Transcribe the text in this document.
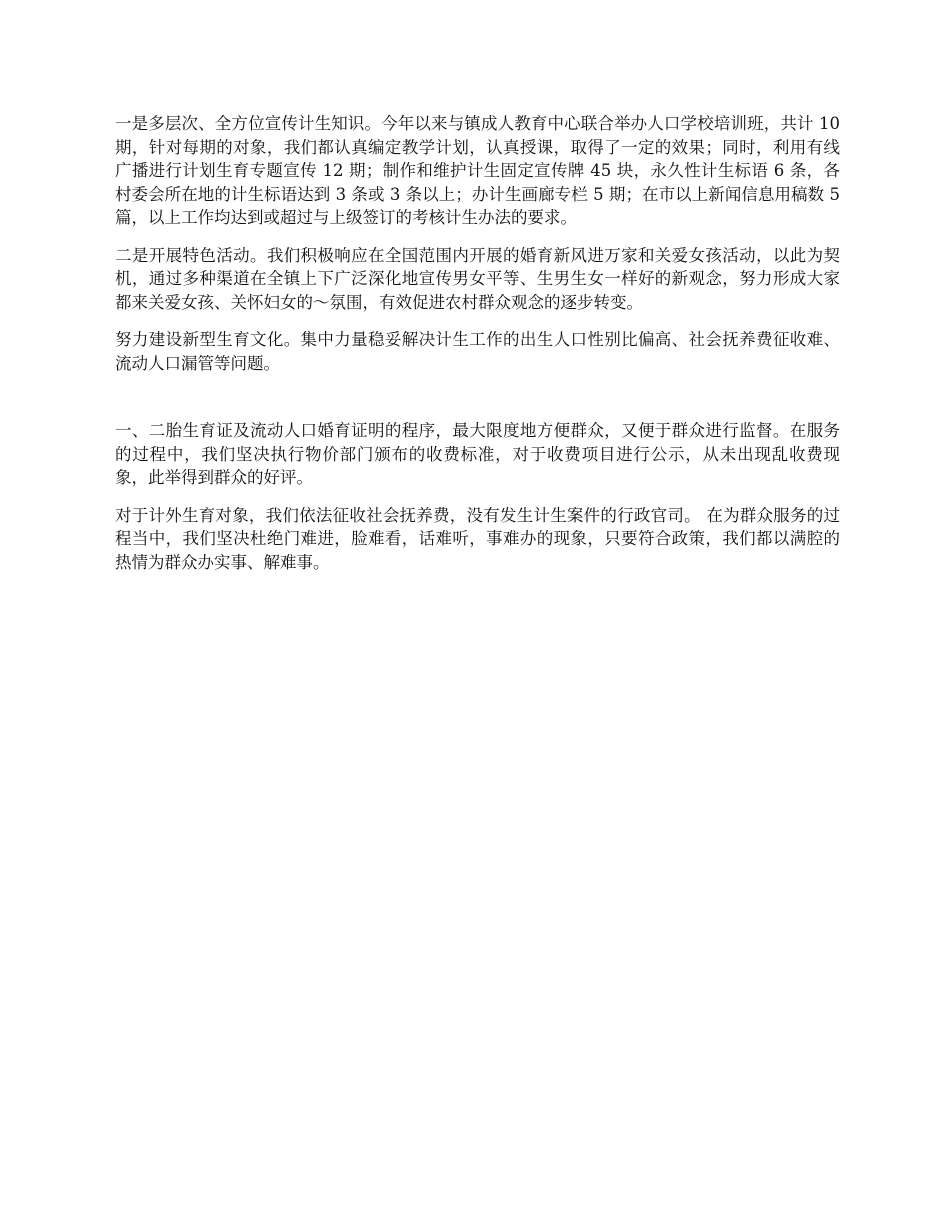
一是多层次、全方位宣传计生知识。今年以来与镇成人教育中心联合举办人口学校培训班，共计 10 期，针对每期的对象，我们都认真编定教学计划，认真授课，取得了一定的效果；同时，利用有线广播进行计划生育专题宣传 12 期；制作和维护计生固定宣传牌 45 块，永久性计生标语 6 条，各村委会所在地的计生标语达到 3 条或 3 条以上；办计生画廊专栏 5 期；在市以上新闻信息用稿数 5 篇，以上工作均达到或超过与上级签订的考核计生办法的要求。

二是开展特色活动。我们积极响应在全国范围内开展的婚育新风进万家和关爱女孩活动，以此为契机，通过多种渠道在全镇上下广泛深化地宣传男女平等、生男生女一样好的新观念，努力形成大家都来关爱女孩、关怀妇女的～氛围，有效促进农村群众观念的逐步转变。

努力建设新型生育文化。集中力量稳妥解决计生工作的出生人口性别比偏高、社会抚养费征收难、流动人口漏管等问题。

一、二胎生育证及流动人口婚育证明的程序，最大限度地方便群众，又便于群众进行监督。在服务的过程中，我们坚决执行物价部门颁布的收费标准，对于收费项目进行公示，从未出现乱收费现象，此举得到群众的好评。

对于计外生育对象，我们依法征收社会抚养费，没有发生计生案件的行政官司。 在为群众服务的过程当中，我们坚决杜绝门难进，脸难看，话难听，事难办的现象，只要符合政策，我们都以满腔的热情为群众办实事、解难事。
